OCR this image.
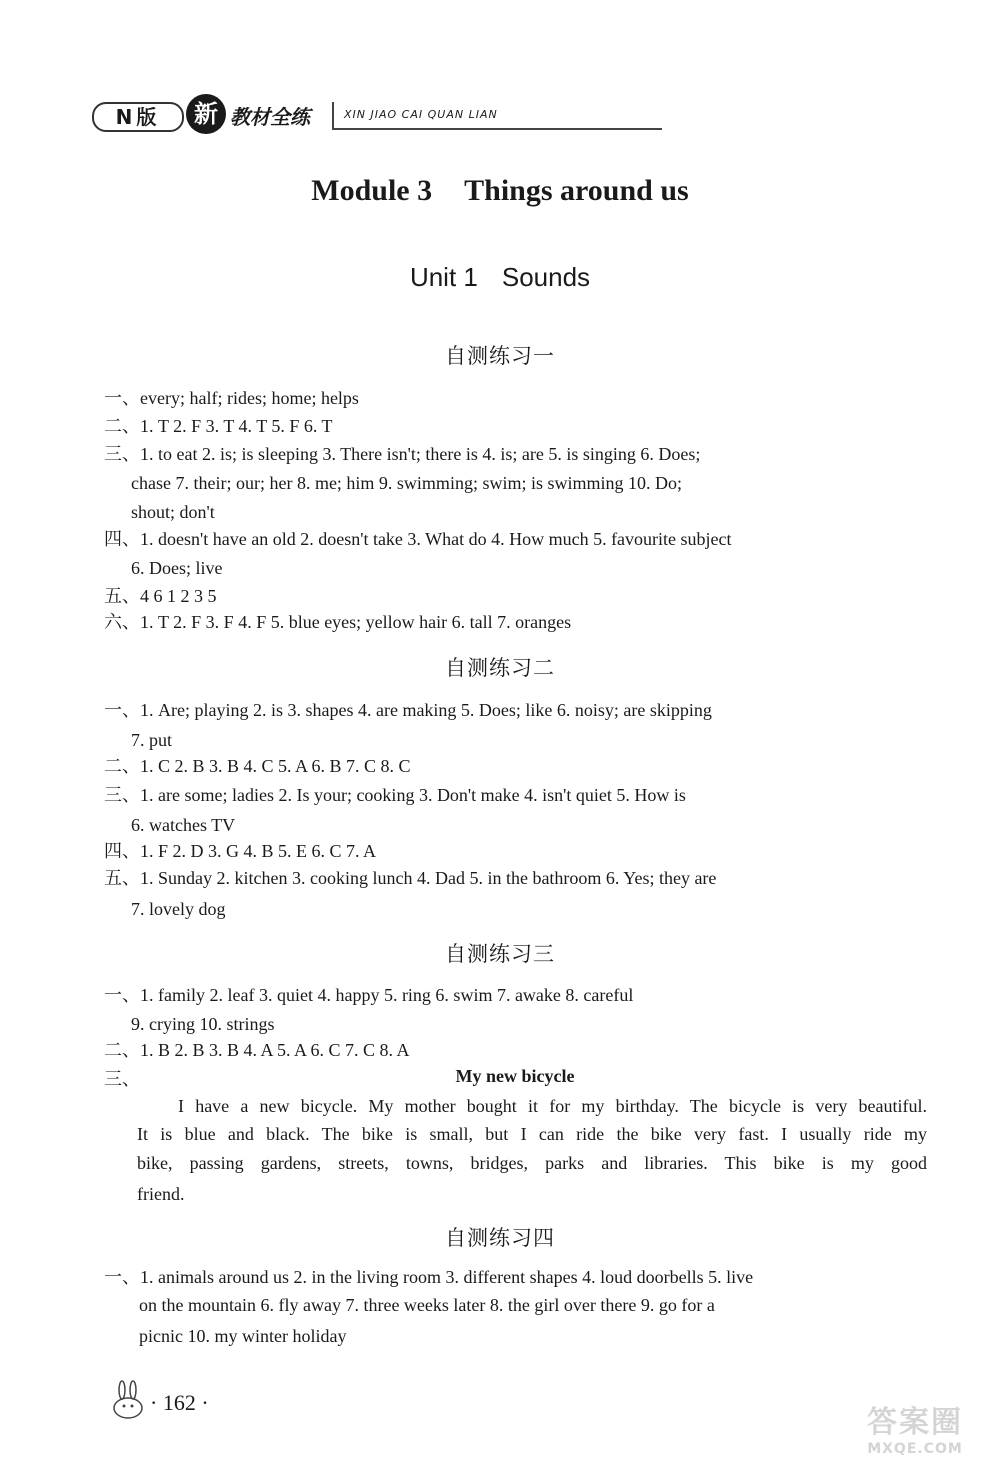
N版	新 教材全练	XIN JIAO CAI QUAN LIAN
Module 3 Things around us
Unit 1 Sounds
自测练习一
一、every; half; rides; home; helps
二、1. T 2. F 3. T 4. T 5. F 6. T
三、1. to eat 2. is; is sleeping 3. There isn't; there is 4. is; are 5. is singing 6. Does;
chase 7. their; our; her 8. me; him 9. swimming; swim; is swimming 10. Do;
shout; don't
四、1. doesn't have an old 2. doesn't take 3. What do 4. How much 5. favourite subject
6. Does; live
五、4 6 1 2 3 5
六、1. T 2. F 3. F 4. F 5. blue eyes; yellow hair 6. tall 7. oranges
自测练习二
一、1. Are; playing 2. is 3. shapes 4. are making 5. Does; like 6. noisy; are skipping
7. put
二、1. C 2. B 3. B 4. C 5. A 6. B 7. C 8. C
三、1. are some; ladies 2. Is your; cooking 3. Don't make 4. isn't quiet 5. How is
6. watches TV
四、1. F 2. D 3. G 4. B 5. E 6. C 7. A
五、1. Sunday 2. kitchen 3. cooking lunch 4. Dad 5. in the bathroom 6. Yes; they are
7. lovely dog
自测练习三
一、1. family 2. leaf 3. quiet 4. happy 5. ring 6. swim 7. awake 8. careful
9. crying 10. strings
二、1. B 2. B 3. B 4. A 5. A 6. C 7. C 8. A
三、	My new bicycle
I have a new bicycle. My mother bought it for my birthday. The bicycle is very beautiful.
It is blue and black. The bike is small, but I can ride the bike very fast. I usually ride my
bike, passing gardens, streets, towns, bridges, parks and libraries. This bike is my good
friend.
自测练习四
一、1. animals around us 2. in the living room 3. different shapes 4. loud doorbells 5. live
on the mountain 6. fly away 7. three weeks later 8. the girl over there 9. go for a
picnic 10. my winter holiday
· 162 ·
答案圈
MXQE.COM
